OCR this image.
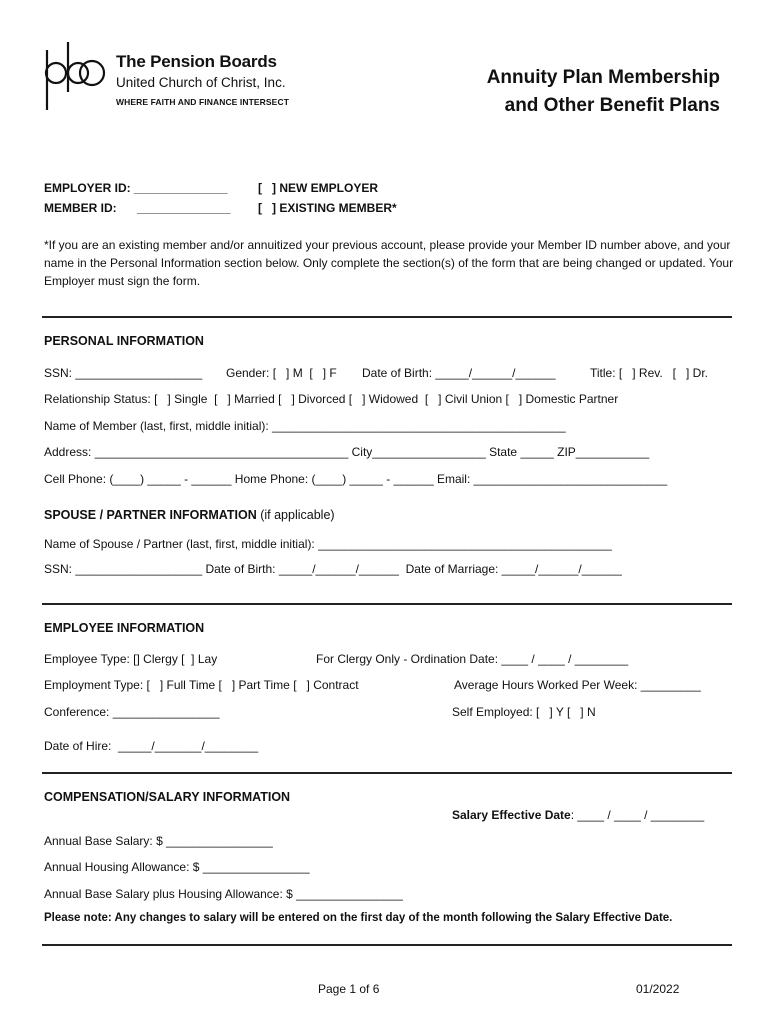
The Pension Boards
United Church of Christ, Inc.
WHERE FAITH AND FINANCE INTERSECT
Annuity Plan Membership
and Other Benefit Plans
EMPLOYER ID: ______________	[   ] NEW EMPLOYER
MEMBER ID: ______________ [   ] EXISTING MEMBER*
*If you are an existing member and/or annuitized your previous account, please provide your Member ID number above, and your name in the Personal Information section below. Only complete the section(s) of the form that are being changed or updated. Your Employer must sign the form.
PERSONAL INFORMATION
SSN: ___________________ Gender: [   ] M  [   ] F Date of Birth: _____/______/______	Title: [   ] Rev.   [   ] Dr.
Relationship Status: [   ] Single  [   ] Married [   ] Divorced [   ] Widowed  [   ] Civil Union [   ] Domestic Partner
Name of Member (last, first, middle initial): ____________________________________________
Address: ______________________________________ City_________________ State _____ ZIP___________
Cell Phone: (____) _____ - ______ Home Phone: (____) _____ - ______ Email: _____________________________
SPOUSE / PARTNER INFORMATION (if applicable)
Name of Spouse / Partner (last, first, middle initial): ____________________________________________
SSN: ___________________ Date of Birth: _____/______/______  Date of Marriage: _____/______/______
EMPLOYEE INFORMATION
Employee Type: [] Clergy [  ] Lay	For Clergy Only - Ordination Date: ____ / ____ / ________
Employment Type: [   ] Full Time [   ] Part Time [   ] Contract	Average Hours Worked Per Week: _________
Conference: ________________	Self Employed: [   ] Y [   ] N
Date of Hire:  _____/_______/________
COMPENSATION/SALARY INFORMATION
Salary Effective Date: ____ / ____ / ________
Annual Base Salary: $ ________________
Annual Housing Allowance: $ ________________
Annual Base Salary plus Housing Allowance: $ ________________
Please note: Any changes to salary will be entered on the first day of the month following the Salary Effective Date.
Page 1 of 6	01/2022
